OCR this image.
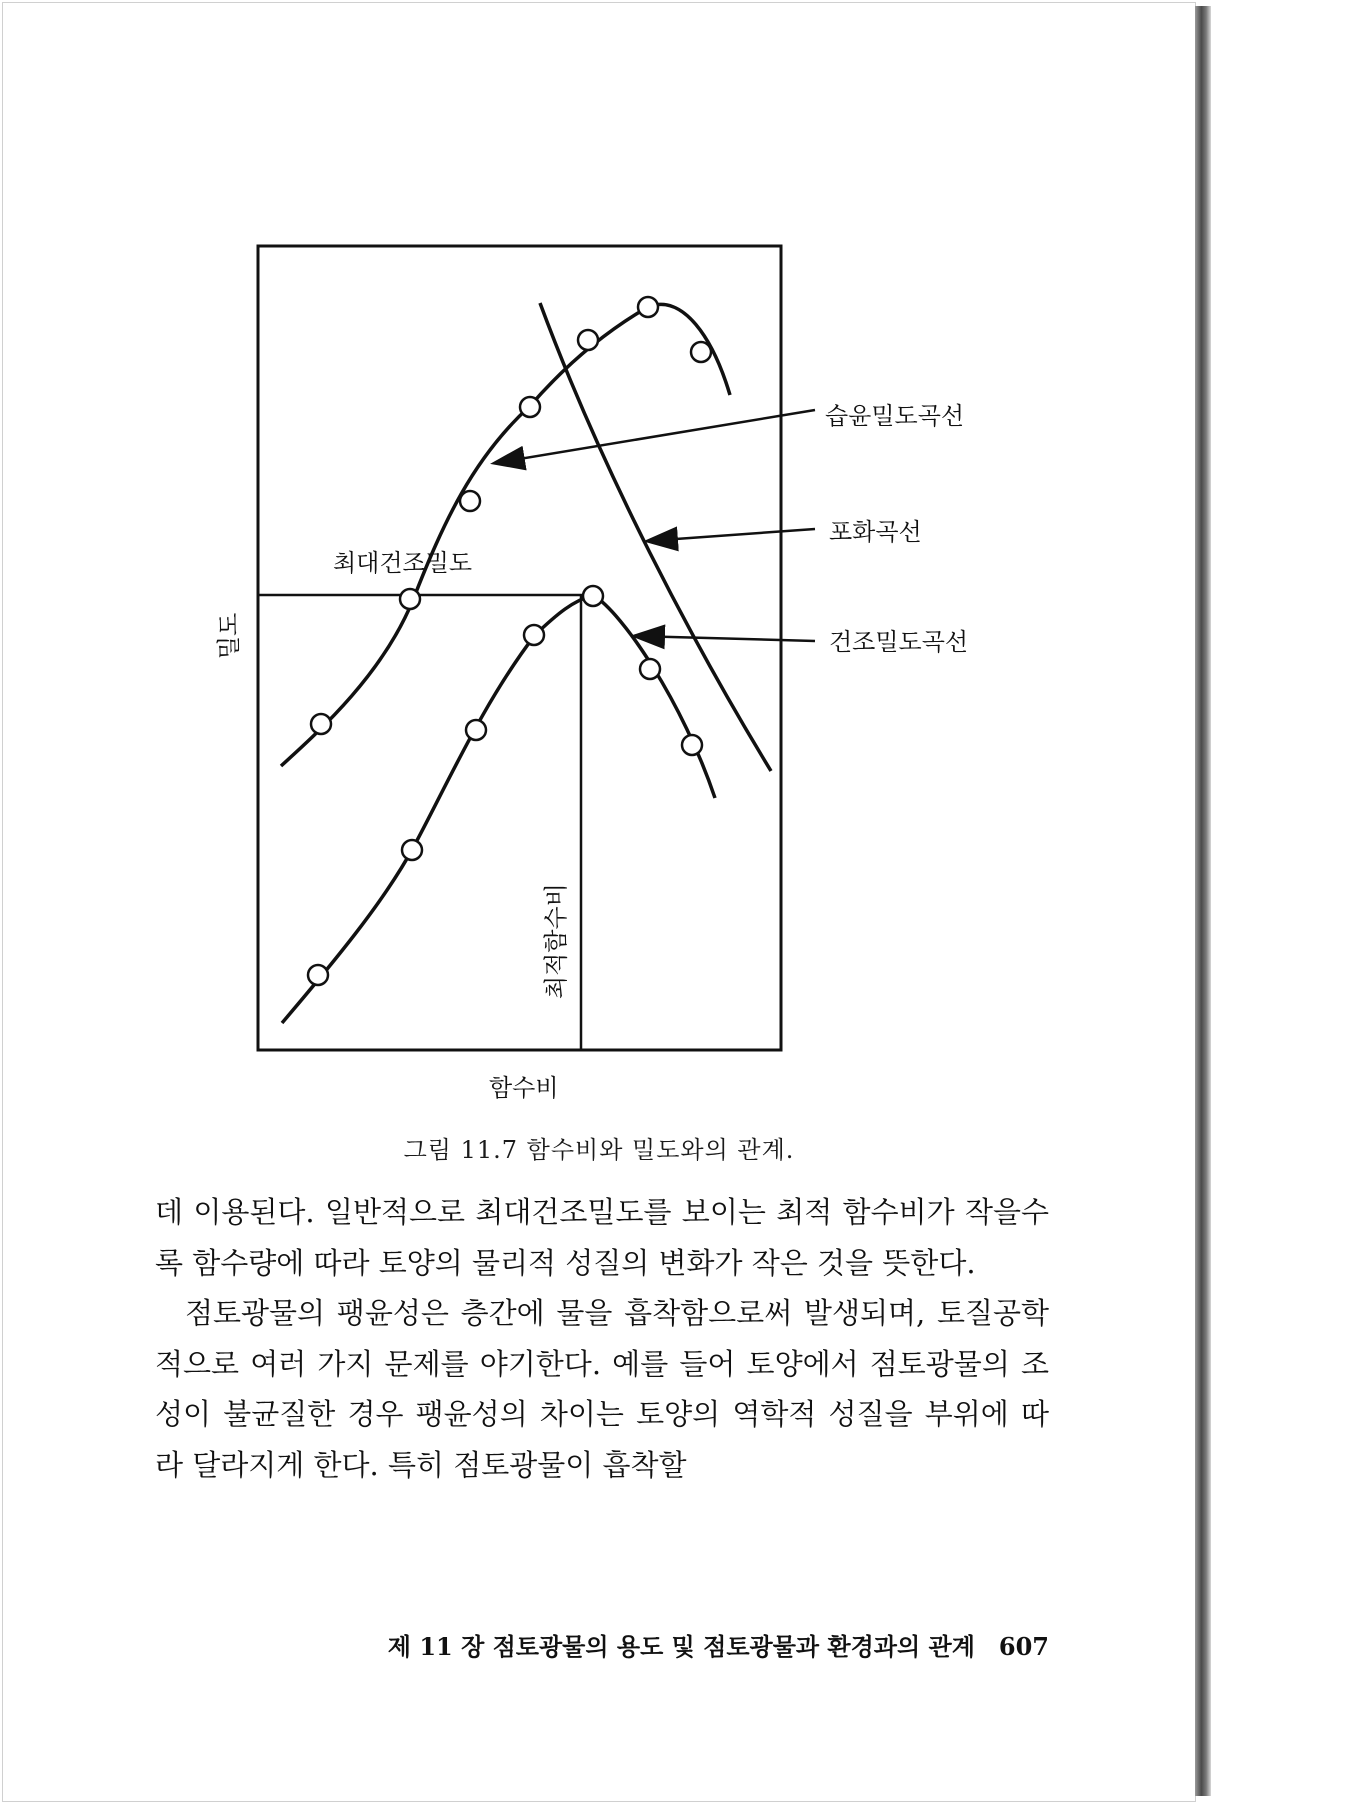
습윤밀도곡선
포화곡선
건조밀도곡선
최대건조밀도
최적함수비
밀도
함수비
그림 11.7 함수비와 밀도와의 관계.

데 이용된다. 일반적으로 최대건조밀도를 보이는 최적 함수비가 작을수록 함수량에 따라 토양의 물리적 성질의 변화가 작은 것을 뜻한다.

점토광물의 팽윤성은 층간에 물을 흡착함으로써 발생되며, 토질공학적으로 여러 가지 문제를 야기한다. 예를 들어 토양에서 점토광물의 조성이 불균질한 경우 팽윤성의 차이는 토양의 역학적 성질을 부위에 따라 달라지게 한다. 특히 점토광물이 흡착할

제 11 장 점토광물의 용도 및 점토광물과 환경과의 관계 607
